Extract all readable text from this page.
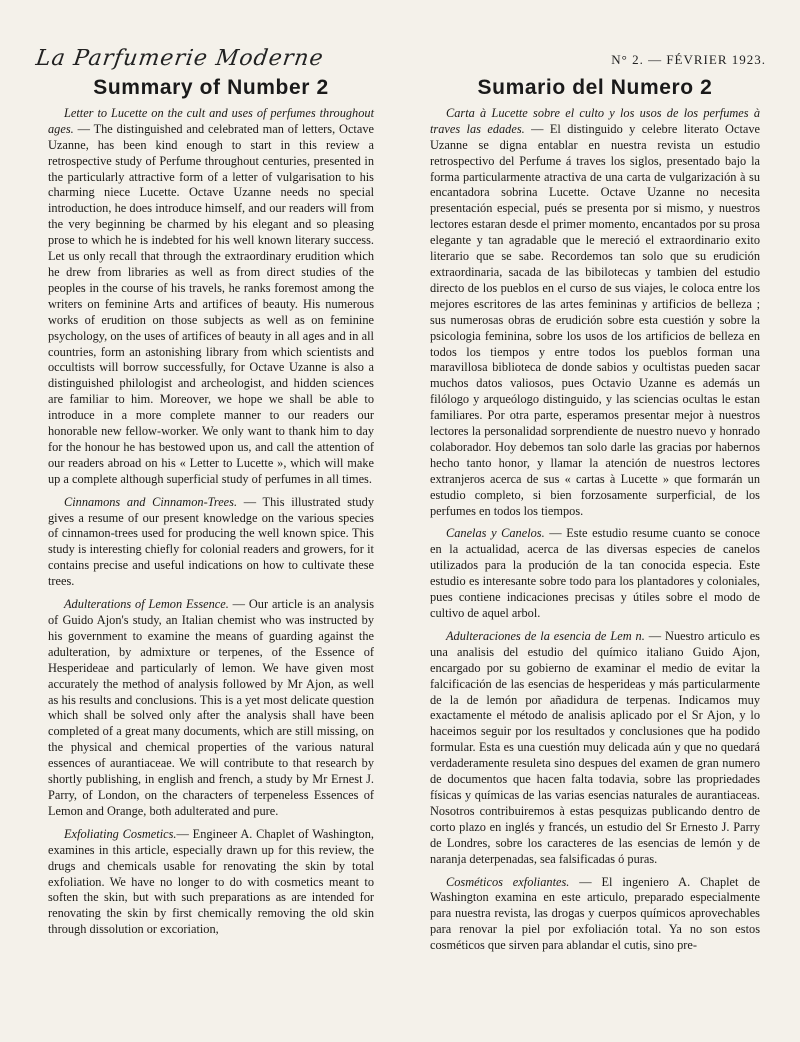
La Parfumerie Moderne	N° 2. — FÉVRIER 1923.
Summary of Number 2

Letter to Lucette on the cult and uses of perfumes throughout ages. — The distinguished and celebrated man of letters, Octave Uzanne, has been kind enough to start in this review a retrospective study of Perfume throughout centuries, presented in the particularly attractive form of a letter of vulgarisation to his charming niece Lucette. Octave Uzanne needs no special introduction, he does introduce himself, and our readers will from the very beginning be charmed by his elegant and so pleasing prose to which he is indebted for his well known literary success. Let us only recall that through the extraordinary erudition which he drew from libraries as well as from direct studies of the peoples in the course of his travels, he ranks foremost among the writers on feminine Arts and artifices of beauty. His numerous works of erudition on those subjects as well as on feminine psychology, on the uses of artifices of beauty in all ages and in all countries, form an astonishing library from which scientists and occultists will borrow successfully, for Octave Uzanne is also a distinguished philologist and archeologist, and hidden sciences are familiar to him. Moreover, we hope we shall be able to introduce in a more complete manner to our readers our honorable new fellow-worker. We only want to thank him to day for the honour he has bestowed upon us, and call the attention of our readers abroad on his « Letter to Lucette », which will make up a complete although superficial study of perfumes in all times.

Cinnamons and Cinnamon-Trees. — This illustrated study gives a resume of our present knowledge on the various species of cinnamon-trees used for producing the well known spice. This study is interesting chiefly for colonial readers and growers, for it contains precise and useful indications on how to cultivate these trees.

Adulterations of Lemon Essence. — Our article is an analysis of Guido Ajon's study, an Italian chemist who was instructed by his government to examine the means of guarding against the adulteration, by admixture or terpenes, of the Essence of Hesperideae and particularly of lemon. We have given most accurately the method of analysis followed by Mr Ajon, as well as his results and conclusions. This is a yet most delicate question which shall be solved only after the analysis shall have been completed of a great many documents, which are still missing, on the physical and chemical properties of the various natural essences of aurantiaceae. We will contribute to that research by shortly publishing, in english and french, a study by Mr Ernest J. Parry, of London, on the characters of terpeneless Essences of Lemon and Orange, both adulterated and pure.

Exfoliating Cosmetics.— Engineer A. Chaplet of Washington, examines in this article, especially drawn up for this review, the drugs and chemicals usable for renovating the skin by total exfoliation. We have no longer to do with cosmetics meant to soften the skin, but with such preparations as are intended for renovating the skin by first chemically removing the old skin through dissolution or excoriation,

Sumario del Numero 2

Carta à Lucette sobre el culto y los usos de los perfumes à traves las edades. — El distinguido y celebre literato Octave Uzanne se digna entablar en nuestra revista un estudio retrospectivo del Perfume á traves los siglos, presentado bajo la forma particularmente atractiva de una carta de vulgarización à su encantadora sobrina Lucette. Octave Uzanne no necesita presentación especial, pués se presenta por si mismo, y nuestros lectores estaran desde el primer momento, encantados por su prosa elegante y tan agradable que le mereció el extraordinario exito literario que se sabe. Recordemos tan solo que su erudición extraordinaria, sacada de las bibilotecas y tambien del estudio directo de los pueblos en el curso de sus viajes, le coloca entre los mejores escritores de las artes femininas y artificios de belleza ; sus numerosas obras de erudición sobre esta cuestión y sobre la psicologia feminina, sobre los usos de los artificios de belleza en todos los tiempos y entre todos los pueblos forman una maravillosa biblioteca de donde sabios y ocultistas pueden sacar muchos datos valiosos, pues Octavio Uzanne es además un filólogo y arqueólogo distinguido, y las sciencias ocultas le estan familiares. Por otra parte, esperamos presentar mejor à nuestros lectores la personalidad sorprendiente de nuestro nuevo y honrado colaborador. Hoy debemos tan solo darle las gracias por habernos hecho tanto honor, y llamar la atención de nuestros lectores extranjeros acerca de sus « cartas à Lucette » que formarán un estudio completo, si bien forzosamente surperficial, de los perfumes en todos los tiempos.

Canelas y Canelos. — Este estudio resume cuanto se conoce en la actualidad, acerca de las diversas especies de canelos utilizados para la produción de la tan conocida especia. Este estudio es interesante sobre todo para los plantadores y coloniales, pues contiene indicaciones precisas y útiles sobre el modo de cultivo de aquel arbol.

Adulteraciones de la esencia de Lem n. — Nuestro articulo es una analisis del estudio del químico italiano Guido Ajon, encargado por su gobierno de examinar el medio de evitar la falcificación de las esencias de hesperideas y más particularmente de la de lemón por añadidura de terpenas. Indicamos muy exactamente el método de analisis aplicado por el Sr Ajon, y lo haceimos seguir por los resultados y conclusiones que ha podido formular. Esta es una cuestión muy delicada aún y que no quedará verdaderamente resuleta sino despues del examen de gran numero de documentos que hacen falta todavia, sobre las propriedades físicas y químicas de las varias esencias naturales de aurantiaceas. Nosotros contribuiremos à estas pesquizas publicando dentro de corto plazo en inglés y francés, un estudio del Sr Ernesto J. Parry de Londres, sobre los caracteres de las esencias de lemón y de naranja deterpenadas, sea falsificadas ó puras.

Cosméticos exfoliantes. — El ingeniero A. Chaplet de Washington examina en este articulo, preparado especialmente para nuestra revista, las drogas y cuerpos químicos aprovechables para renovar la piel por exfoliación total. Ya no son estos cosméticos que sirven para ablandar el cutis, sino pre-
